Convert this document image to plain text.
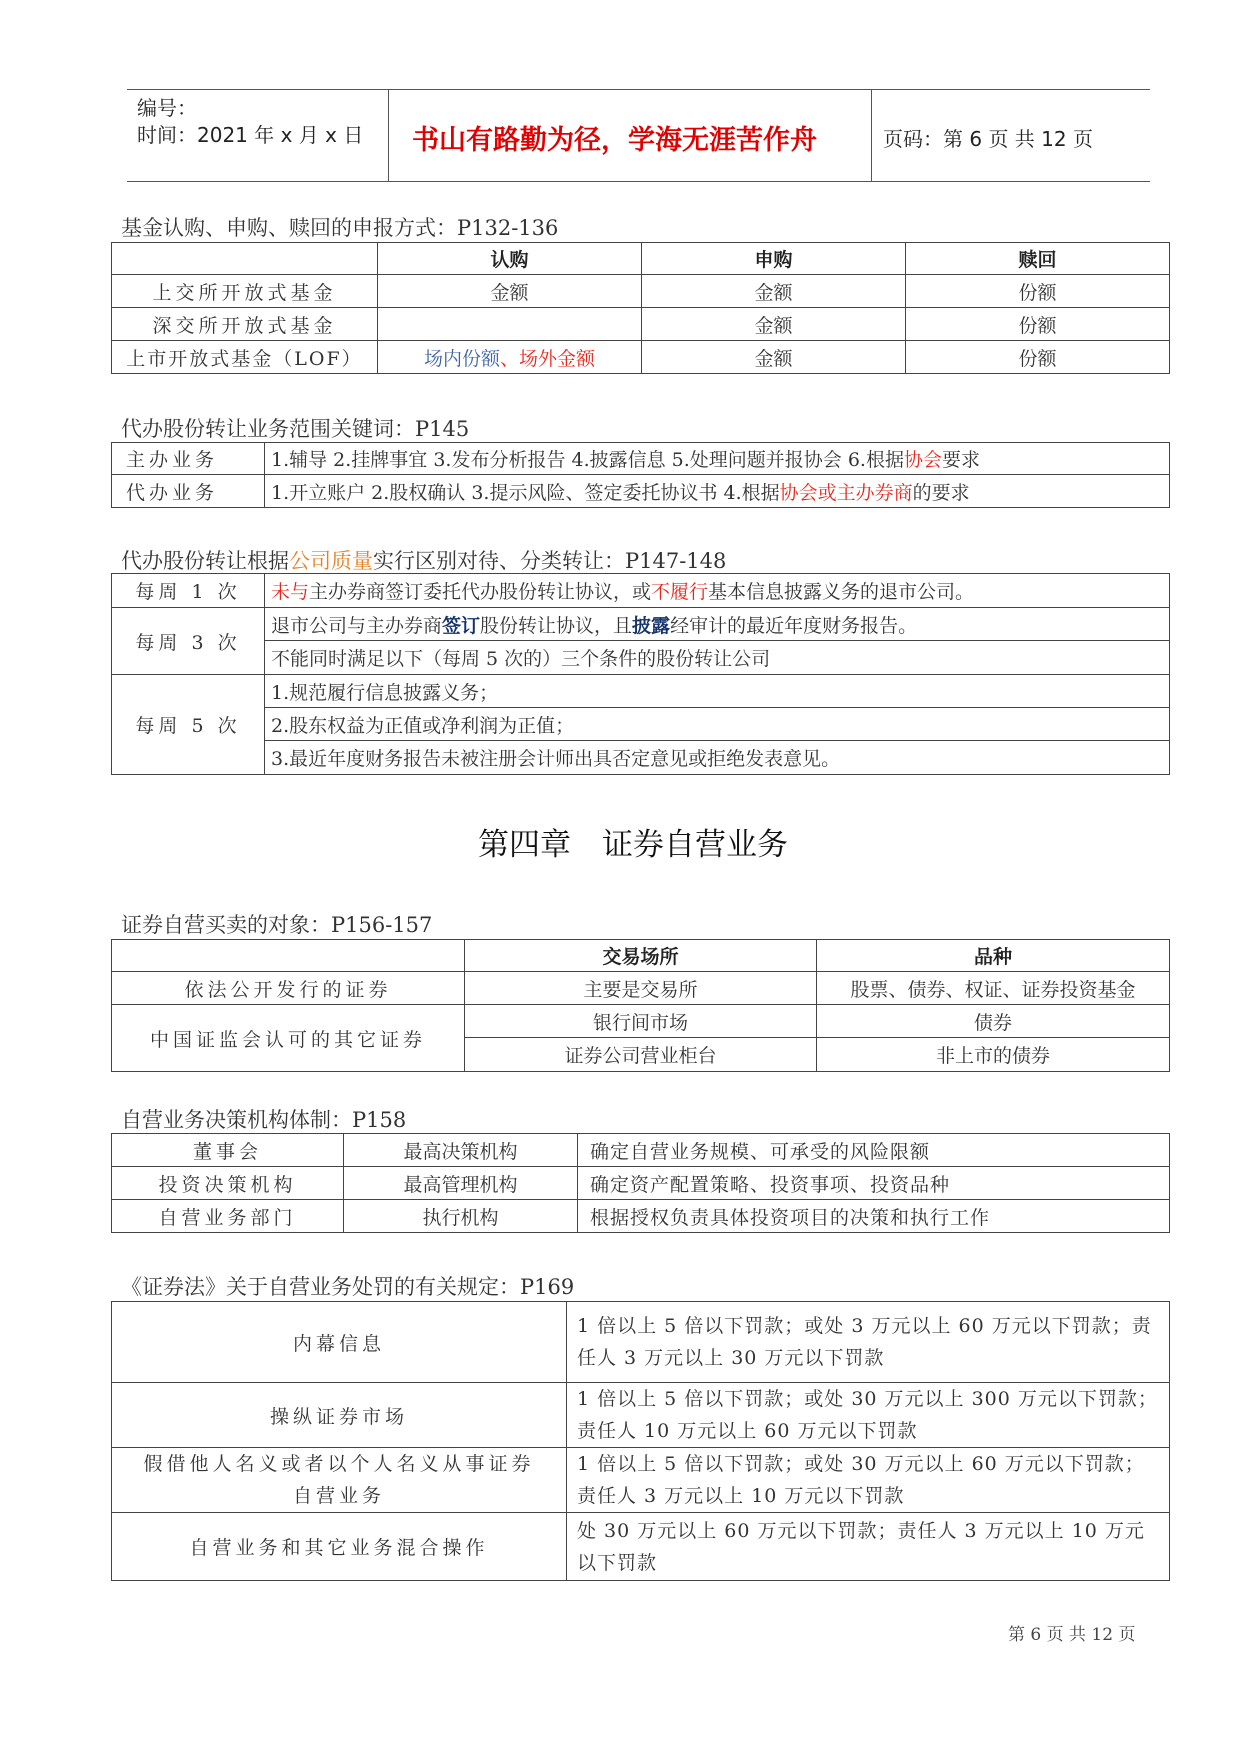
编号：
时间：2021 年 x 月 x 日 书山有路勤为径，学海无涯苦作舟	页码：第 6 页 共 12 页
基金认购、申购、赎回的申报方式：P132-136
	认购	申购	赎回
上交所开放式基金	金额	金额	份额
深交所开放式基金		金额	份额
上市开放式基金（LOF）	场内份额、场外金额	金额	份额
代办股份转让业务范围关键词：P145
主办业务	1.辅导 2.挂牌事宜 3.发布分析报告 4.披露信息 5.处理问题并报协会 6.根据协会要求
代办业务	1.开立账户 2.股权确认 3.提示风险、签定委托协议书 4.根据协会或主办券商的要求
代办股份转让根据公司质量实行区别对待、分类转让：P147-148
每周 1 次	未与主办券商签订委托代办股份转让协议，或不履行基本信息披露义务的退市公司。
每周 3 次	退市公司与主办券商签订股份转让协议，且披露经审计的最近年度财务报告。
	不能同时满足以下（每周 5 次的）三个条件的股份转让公司
每周 5 次	1.规范履行信息披露义务；
	2.股东权益为正值或净利润为正值；
	3.最近年度财务报告未被注册会计师出具否定意见或拒绝发表意见。
第四章　证券自营业务
证券自营买卖的对象：P156-157
	交易场所	品种
依法公开发行的证券	主要是交易所	股票、债券、权证、证券投资基金
中国证监会认可的其它证券	银行间市场	债券
	证券公司营业柜台	非上市的债券
自营业务决策机构体制：P158
董事会	最高决策机构	确定自营业务规模、可承受的风险限额
投资决策机构	最高管理机构	确定资产配置策略、投资事项、投资品种
自营业务部门	执行机构	根据授权负责具体投资项目的决策和执行工作
《证券法》关于自营业务处罚的有关规定：P169
内幕信息	1 倍以上 5 倍以下罚款；或处 3 万元以上 60 万元以下罚款；责任人 3 万元以上 30 万元以下罚款
操纵证券市场	1 倍以上 5 倍以下罚款；或处 30 万元以上 300 万元以下罚款；责任人 10 万元以上 60 万元以下罚款
假借他人名义或者以个人名义从事证券自营业务	1 倍以上 5 倍以下罚款；或处 30 万元以上 60 万元以下罚款；责任人 3 万元以上 10 万元以下罚款
自营业务和其它业务混合操作	处 30 万元以上 60 万元以下罚款；责任人 3 万元以上 10 万元以下罚款
第 6 页 共 12 页
